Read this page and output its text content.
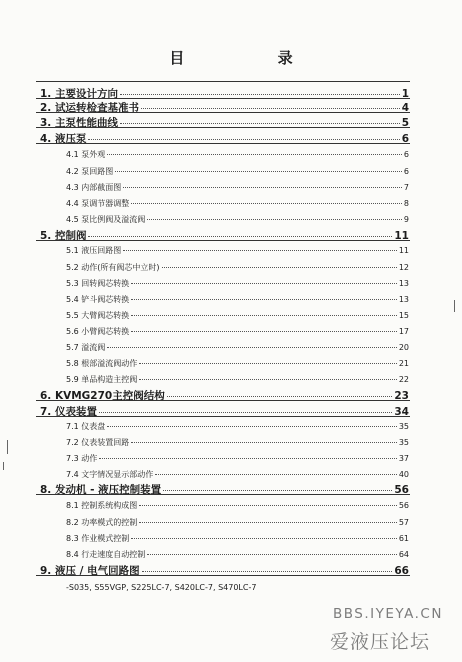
目 录
1. 主要设计方向	1
2. 试运转检查基准书	4
3. 主泵性能曲线	5
4. 液压泵	6
4.1 泵外观	6
4.2 泵回路图	6
4.3 内部截面图	7
4.4 泵调节器调整	8
4.5 泵比例阀及溢流阀	9
5. 控制阀	11
5.1 液压回路图	11
5.2 动作(所有阀芯中立时)	12
5.3 回转阀芯转换	13
5.4 铲斗阀芯转换	13
5.5 大臂阀芯转换	15
5.6 小臂阀芯转换	17
5.7 溢流阀	20
5.8 根部溢流阀动作	21
5.9 单品构造主控阀	22
6. KVMG270主控阀结构	23
7. 仪表装置	34
7.1 仪表盘	35
7.2 仪表装置回路	35
7.3 动作	37
7.4 文字情况显示部动作	40
8. 发动机 - 液压控制装置	56
8.1 控制系统构成图	56
8.2 功率模式的控制	57
8.3 作业模式控制	61
8.4 行走速度自动控制	64
9. 液压 / 电气回路图	66
-S035, S55VGP, S225LC-7, S420LC-7, S470LC-7
BBS.IYEYA.CN
爱液压论坛
